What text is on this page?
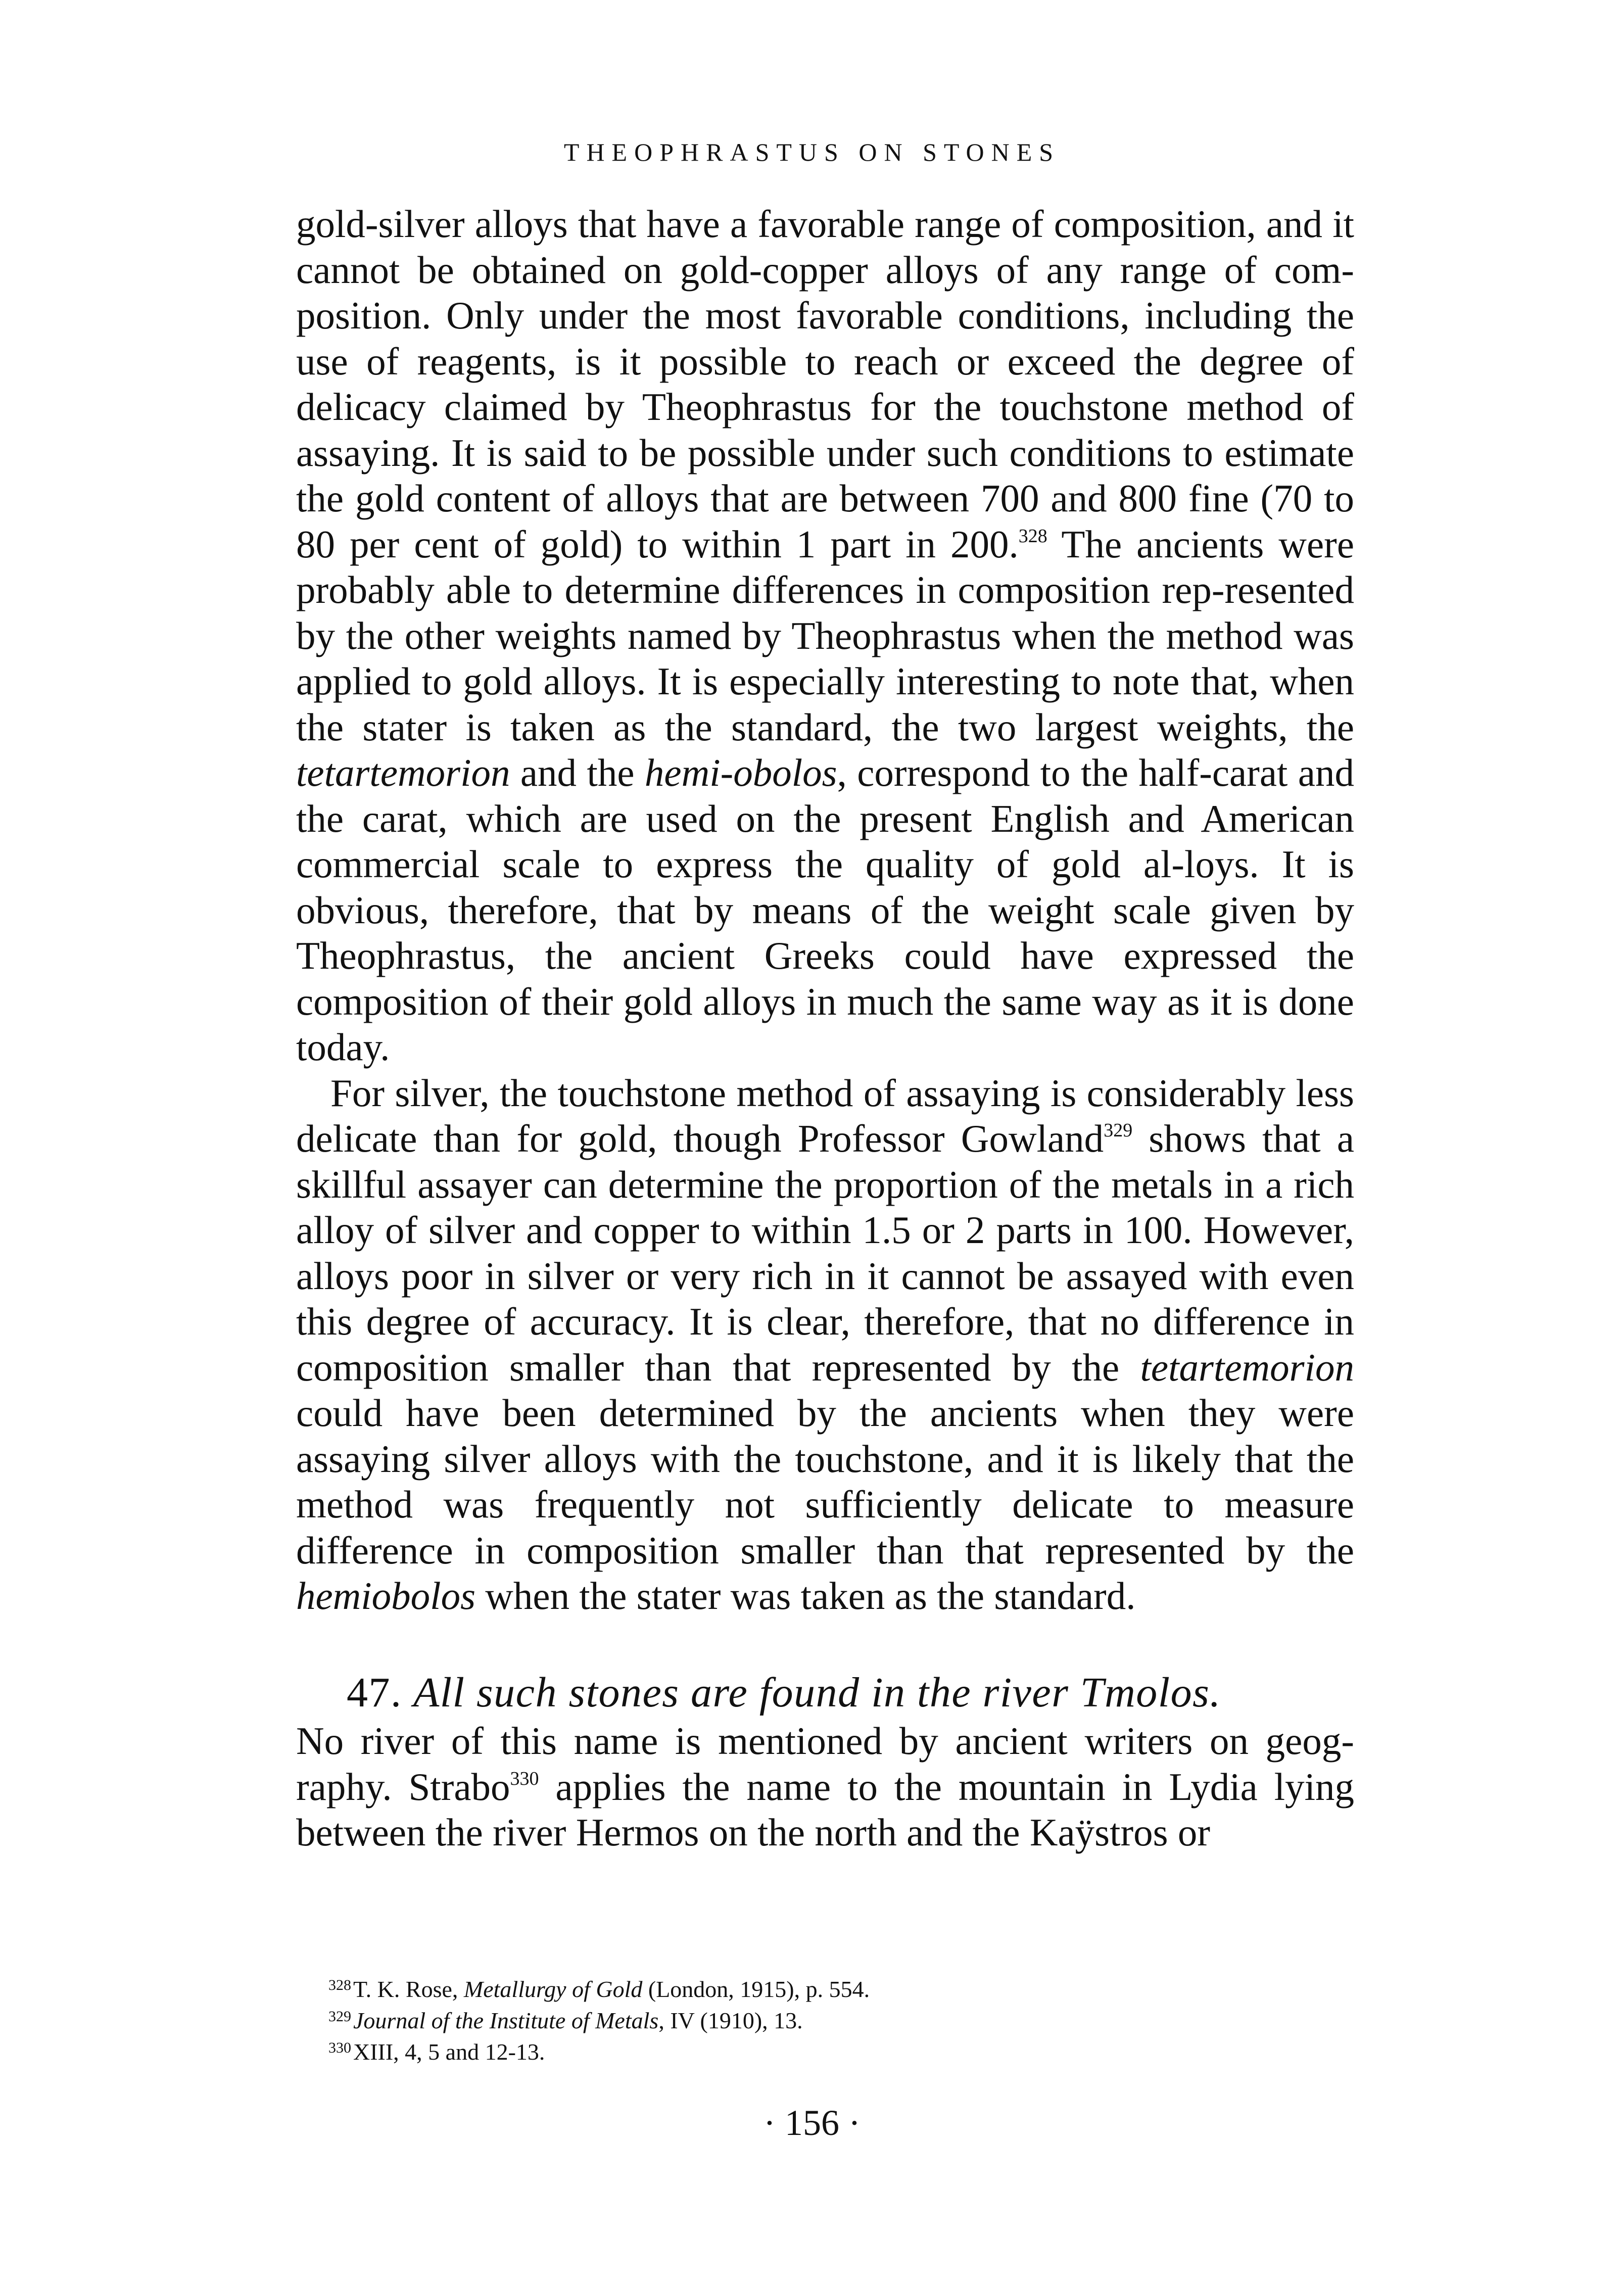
THEOPHRASTUS ON STONES

gold-silver alloys that have a favorable range of composition, and it cannot be obtained on gold-copper alloys of any range of com-position. Only under the most favorable conditions, including the use of reagents, is it possible to reach or exceed the degree of delicacy claimed by Theophrastus for the touchstone method of assaying. It is said to be possible under such conditions to estimate the gold content of alloys that are between 700 and 800 fine (70 to 80 per cent of gold) to within 1 part in 200.$^{328}$ The ancients were probably able to determine differences in composition rep-resented by the other weights named by Theophrastus when the method was applied to gold alloys. It is especially interesting to note that, when the stater is taken as the standard, the two largest weights, the tetartemorion and the hemi-obolos, correspond to the half-carat and the carat, which are used on the present English and American commercial scale to express the quality of gold al-loys. It is obvious, therefore, that by means of the weight scale given by Theophrastus, the ancient Greeks could have expressed the composition of their gold alloys in much the same way as it is done today.

For silver, the touchstone method of assaying is considerably less delicate than for gold, though Professor Gowland$^{329}$ shows that a skillful assayer can determine the proportion of the metals in a rich alloy of silver and copper to within 1.5 or 2 parts in 100. However, alloys poor in silver or very rich in it cannot be assayed with even this degree of accuracy. It is clear, therefore, that no difference in composition smaller than that represented by the tetartemorion could have been determined by the ancients when they were assaying silver alloys with the touchstone, and it is likely that the method was frequently not sufficiently delicate to measure difference in composition smaller than that represented by the hemiobolos when the stater was taken as the standard.

47. All such stones are found in the river Tmolos.

No river of this name is mentioned by ancient writers on geog-raphy. Strabo$^{330}$ applies the name to the mountain in Lydia lying between the river Hermos on the north and the Kaÿstros or

$^{328}$T. K. Rose, Metallurgy of Gold (London, 1915), p. 554.

$^{329}$Journal of the Institute of Metals, IV (1910), 13.

$^{330}$XIII, 4, 5 and 12-13.

· 156 ·
